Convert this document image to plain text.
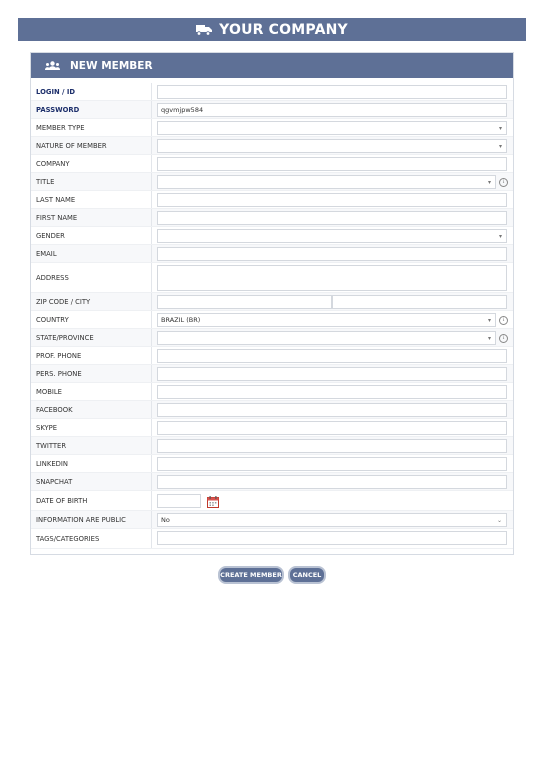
YOUR COMPANY
NEW MEMBER
LOGIN / ID
PASSWORD	qgvmjpw584
MEMBER TYPE	▾
NATURE OF MEMBER	▾
COMPANY
TITLE	▾	i
LAST NAME
FIRST NAME
GENDER	▾
EMAIL
ADDRESS
ZIP CODE / CITY
COUNTRY	BRAZIL (BR)	▾	i
STATE/PROVINCE	▾	i
PROF. PHONE
PERS. PHONE
MOBILE
FACEBOOK
SKYPE
TWITTER
LINKEDIN
SNAPCHAT
DATE OF BIRTH
INFORMATION ARE PUBLIC	No	⌄
TAGS/CATEGORIES
CREATE MEMBER	CANCEL
